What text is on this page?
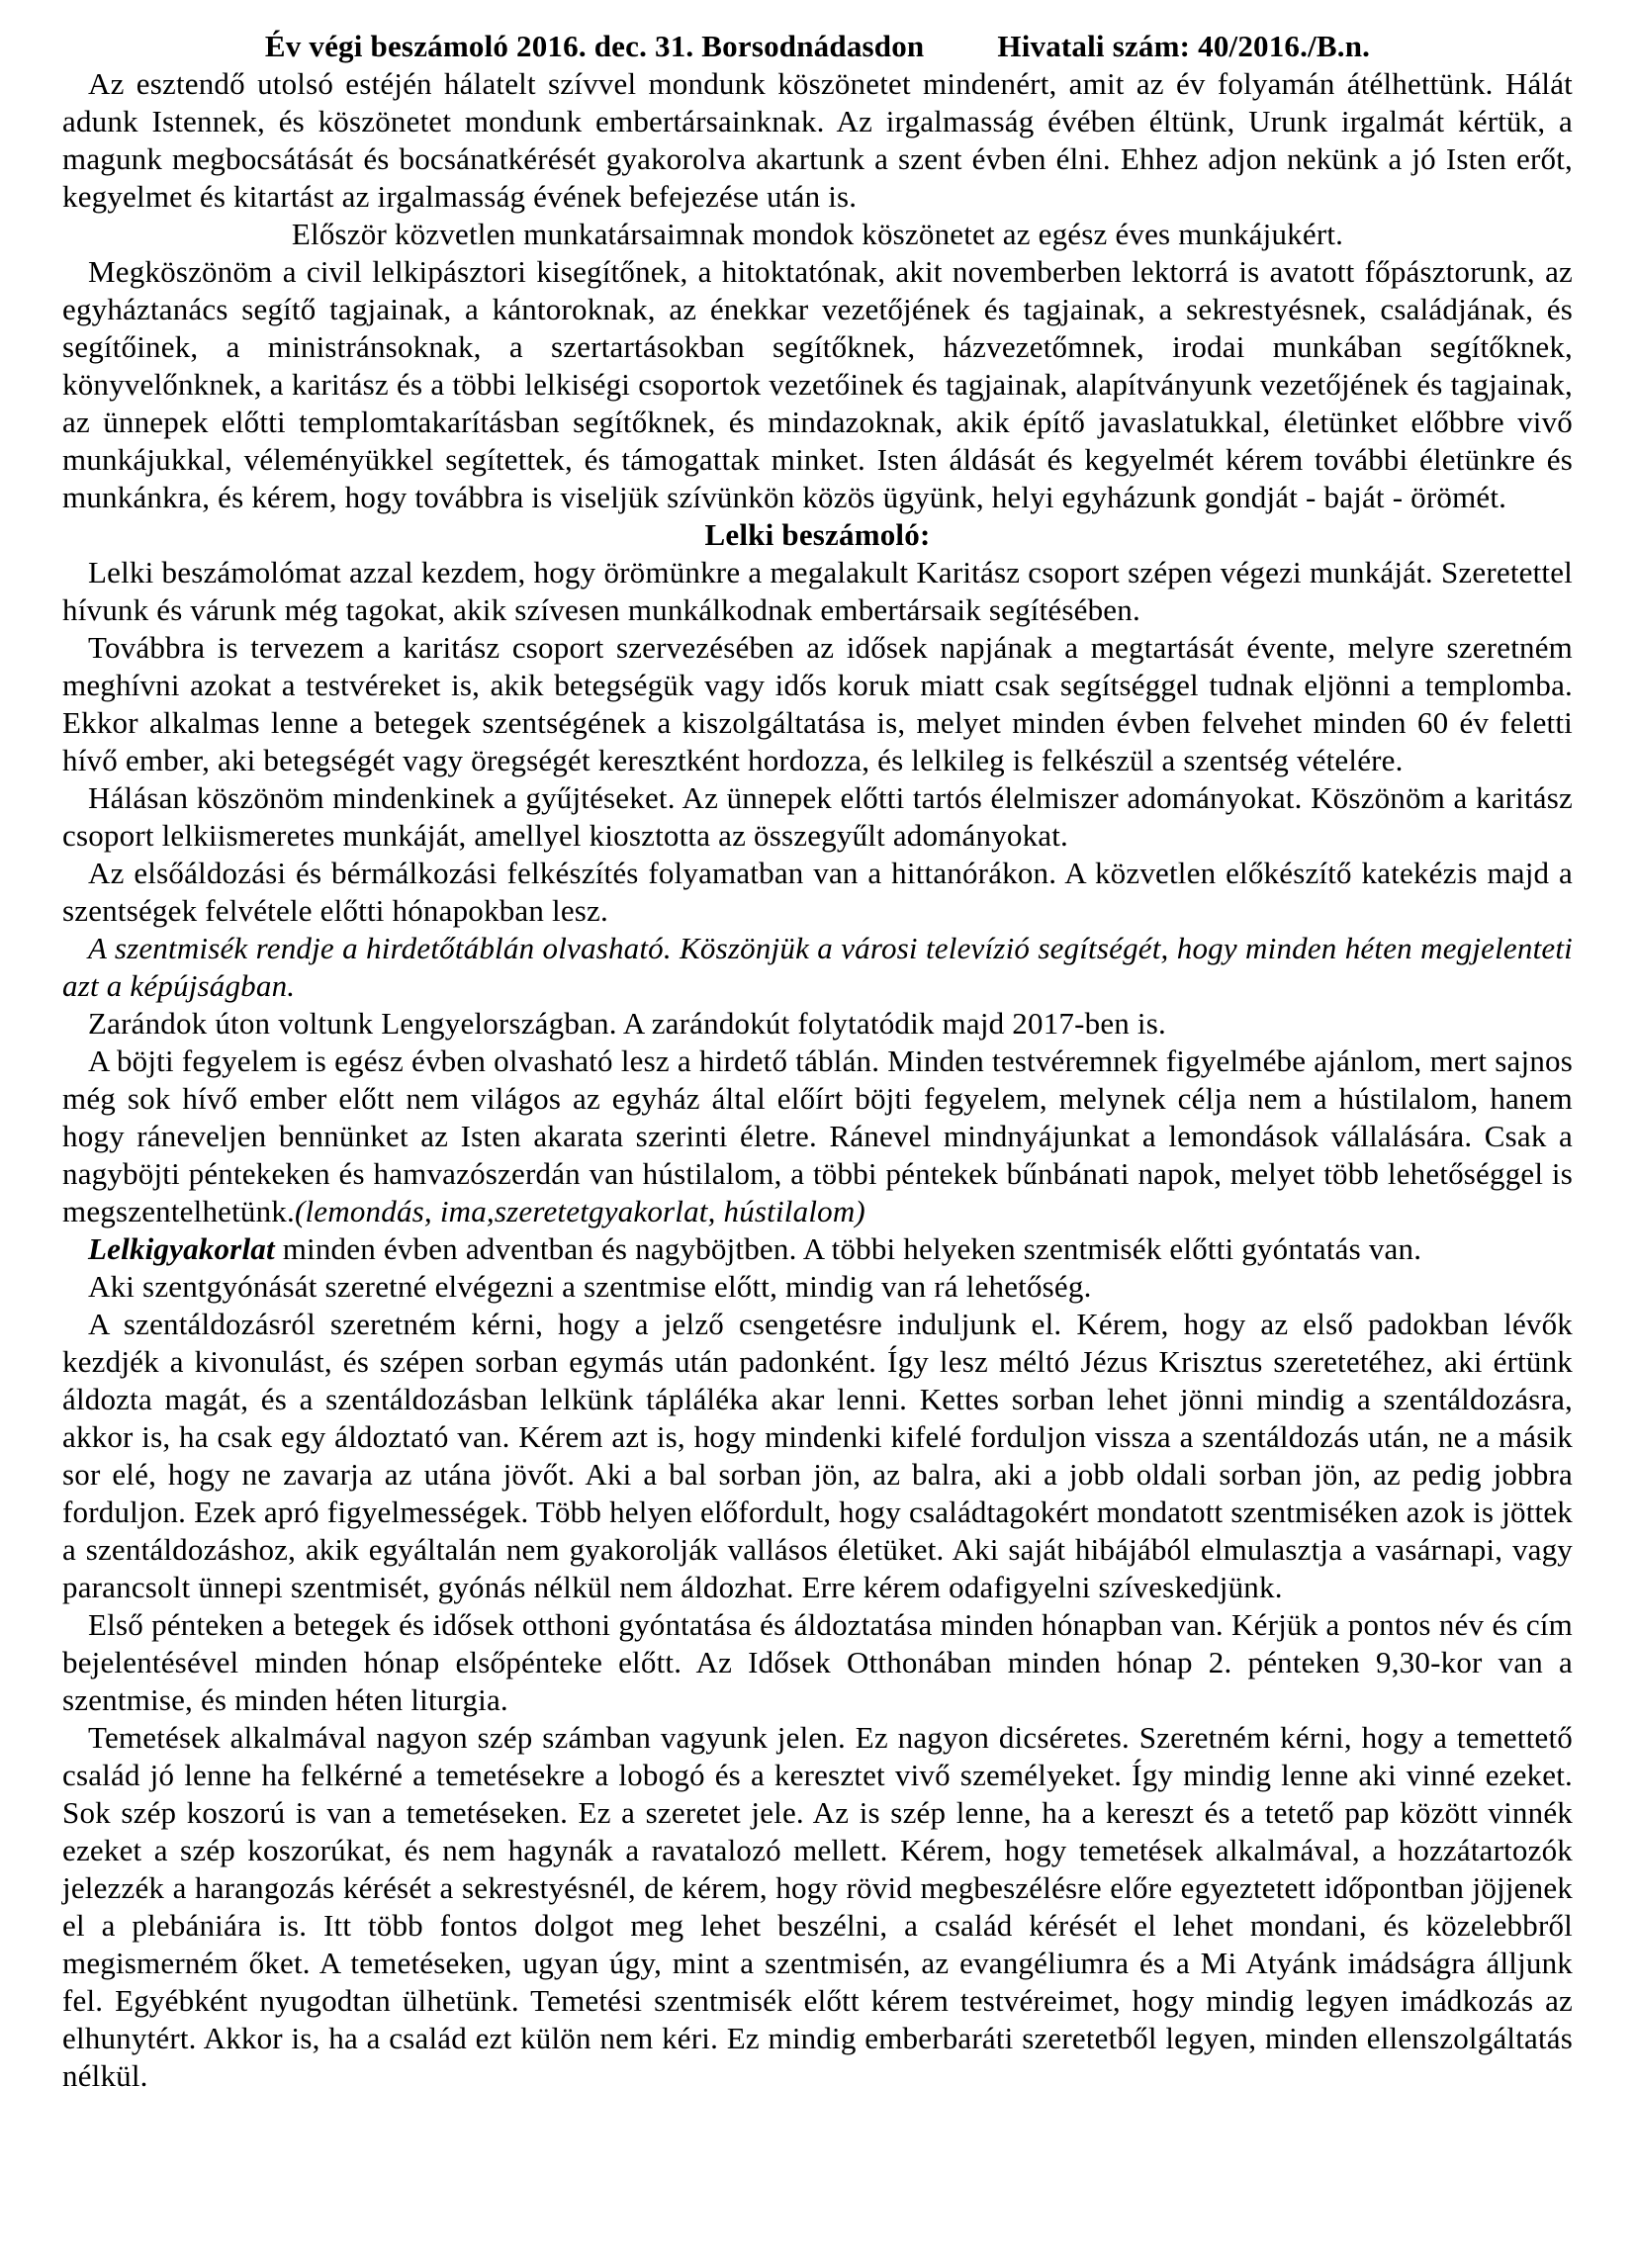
Év végi beszámoló 2016. dec. 31. Borsodnádasdon Hivatali szám: 40/2016./B.n.

Az esztendő utolsó estéjén hálatelt szívvel mondunk köszönetet mindenért, amit az év folyamán átélhettünk. Hálát adunk Istennek, és köszönetet mondunk embertársainknak. Az irgalmasság évében éltünk, Urunk irgalmát kértük, a magunk megbocsátását és bocsánatkérését gyakorolva akartunk a szent évben élni. Ehhez adjon nekünk a jó Isten erőt, kegyelmet és kitartást az irgalmasság évének befejezése után is.

Először közvetlen munkatársaimnak mondok köszönetet az egész éves munkájukért.

Megköszönöm a civil lelkipásztori kisegítőnek, a hitoktatónak, akit novemberben lektorrá is avatott főpásztorunk, az egyháztanács segítő tagjainak, a kántoroknak, az énekkar vezetőjének és tagjainak, a sekrestyésnek, családjának, és segítőinek, a ministránsoknak, a szertartásokban segítőknek, házvezetőmnek, irodai munkában segítőknek, könyvelőnknek, a karitász és a többi lelkiségi csoportok vezetőinek és tagjainak, alapítványunk vezetőjének és tagjainak, az ünnepek előtti templomtakarításban segítőknek, és mindazoknak, akik építő javaslatukkal, életünket előbbre vivő munkájukkal, véleményükkel segítettek, és támogattak minket. Isten áldását és kegyelmét kérem további életünkre és munkánkra, és kérem, hogy továbbra is viseljük szívünkön közös ügyünk, helyi egyházunk gondját - baját - örömét.

Lelki beszámoló:

Lelki beszámolómat azzal kezdem, hogy örömünkre a megalakult Karitász csoport szépen végezi munkáját. Szeretettel hívunk és várunk még tagokat, akik szívesen munkálkodnak embertársaik segítésében.

Továbbra is tervezem a karitász csoport szervezésében az idősek napjának a megtartását évente, melyre szeretném meghívni azokat a testvéreket is, akik betegségük vagy idős koruk miatt csak segítséggel tudnak eljönni a templomba. Ekkor alkalmas lenne a betegek szentségének a kiszolgáltatása is, melyet minden évben felvehet minden 60 év feletti hívő ember, aki betegségét vagy öregségét keresztként hordozza, és lelkileg is felkészül a szentség vételére.

Hálásan köszönöm mindenkinek a gyűjtéseket. Az ünnepek előtti tartós élelmiszer adományokat. Köszönöm a karitász csoport lelkiismeretes munkáját, amellyel kiosztotta az összegyűlt adományokat.

Az elsőáldozási és bérmálkozási felkészítés folyamatban van a hittanórákon. A közvetlen előkészítő katekézis majd a szentségek felvétele előtti hónapokban lesz.

A szentmisék rendje a hirdetőtáblán olvasható. Köszönjük a városi televízió segítségét, hogy minden héten megjelenteti azt a képújságban.

Zarándok úton voltunk Lengyelországban. A zarándokút folytatódik majd 2017-ben is.

A böjti fegyelem is egész évben olvasható lesz a hirdető táblán. Minden testvéremnek figyelmébe ajánlom, mert sajnos még sok hívő ember előtt nem világos az egyház által előírt böjti fegyelem, melynek célja nem a hústilalom, hanem hogy ráneveljen bennünket az Isten akarata szerinti életre. Ránevel mindnyájunkat a lemondások vállalására. Csak a nagyböjti péntekeken és hamvazószerdán van hústilalom, a többi péntekek bűnbánati napok, melyet több lehetőséggel is megszentelhetünk.(lemondás, ima,szeretetgyakorlat, hústilalom)

Lelkigyakorlat minden évben adventban és nagyböjtben. A többi helyeken szentmisék előtti gyóntatás van.

Aki szentgyónását szeretné elvégezni a szentmise előtt, mindig van rá lehetőség.

A szentáldozásról szeretném kérni, hogy a jelző csengetésre induljunk el. Kérem, hogy az első padokban lévők kezdjék a kivonulást, és szépen sorban egymás után padonként. Így lesz méltó Jézus Krisztus szeretetéhez, aki értünk áldozta magát, és a szentáldozásban lelkünk tápláléka akar lenni. Kettes sorban lehet jönni mindig a szentáldozásra, akkor is, ha csak egy áldoztató van. Kérem azt is, hogy mindenki kifelé forduljon vissza a szentáldozás után, ne a másik sor elé, hogy ne zavarja az utána jövőt. Aki a bal sorban jön, az balra, aki a jobb oldali sorban jön, az pedig jobbra forduljon. Ezek apró figyelmességek. Több helyen előfordult, hogy családtagokért mondatott szentmiséken azok is jöttek a szentáldozáshoz, akik egyáltalán nem gyakorolják vallásos életüket. Aki saját hibájából elmulasztja a vasárnapi, vagy parancsolt ünnepi szentmisét, gyónás nélkül nem áldozhat. Erre kérem odafigyelni szíveskedjünk.

Első pénteken a betegek és idősek otthoni gyóntatása és áldoztatása minden hónapban van. Kérjük a pontos név és cím bejelentésével minden hónap elsőpénteke előtt. Az Idősek Otthonában minden hónap 2. pénteken 9,30-kor van a szentmise, és minden héten liturgia.

Temetések alkalmával nagyon szép számban vagyunk jelen. Ez nagyon dicséretes. Szeretném kérni, hogy a temettető család jó lenne ha felkérné a temetésekre a lobogó és a keresztet vivő személyeket. Így mindig lenne aki vinné ezeket. Sok szép koszorú is van a temetéseken. Ez a szeretet jele. Az is szép lenne, ha a kereszt és a tetető pap között vinnék ezeket a szép koszorúkat, és nem hagynák a ravatalozó mellett. Kérem, hogy temetések alkalmával, a hozzátartozók jelezzék a harangozás kérését a sekrestyésnél, de kérem, hogy rövid megbeszélésre előre egyeztetett időpontban jöjjenek el a plebániára is. Itt több fontos dolgot meg lehet beszélni, a család kérését el lehet mondani, és közelebbről megismerném őket. A temetéseken, ugyan úgy, mint a szentmisén, az evangéliumra és a Mi Atyánk imádságra álljunk fel. Egyébként nyugodtan ülhetünk. Temetési szentmisék előtt kérem testvéreimet, hogy mindig legyen imádkozás az elhunytért. Akkor is, ha a család ezt külön nem kéri. Ez mindig emberbaráti szeretetből legyen, minden ellenszolgáltatás nélkül.
